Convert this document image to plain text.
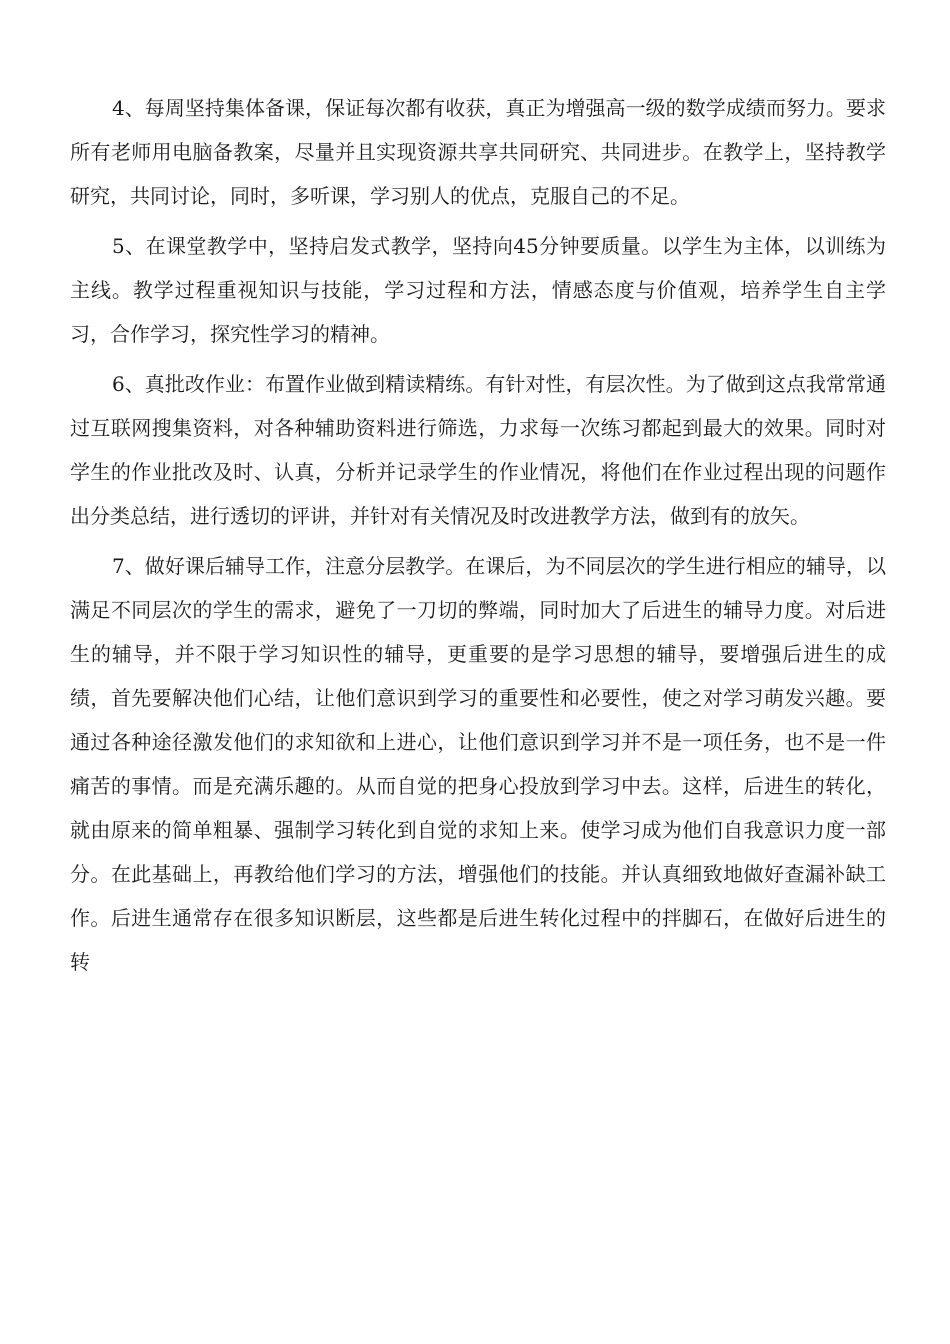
4、每周坚持集体备课，保证每次都有收获，真正为增强高一级的数学成绩而努力。要求所有老师用电脑备教案，尽量并且实现资源共享共同研究、共同进步。在教学上，坚持教学研究，共同讨论，同时，多听课，学习别人的优点，克服自己的不足。

5、在课堂教学中，坚持启发式教学，坚持向45分钟要质量。以学生为主体，以训练为主线。教学过程重视知识与技能，学习过程和方法，情感态度与价值观，培养学生自主学习，合作学习，探究性学习的精神。

6、真批改作业：布置作业做到精读精练。有针对性，有层次性。为了做到这点我常常通过互联网搜集资料，对各种辅助资料进行筛选，力求每一次练习都起到最大的效果。同时对学生的作业批改及时、认真，分析并记录学生的作业情况，将他们在作业过程出现的问题作出分类总结，进行透切的评讲，并针对有关情况及时改进教学方法，做到有的放矢。

7、做好课后辅导工作，注意分层教学。在课后，为不同层次的学生进行相应的辅导，以满足不同层次的学生的需求，避免了一刀切的弊端，同时加大了后进生的辅导力度。对后进生的辅导，并不限于学习知识性的辅导，更重要的是学习思想的辅导，要增强后进生的成绩，首先要解决他们心结，让他们意识到学习的重要性和必要性，使之对学习萌发兴趣。要通过各种途径激发他们的求知欲和上进心，让他们意识到学习并不是一项任务，也不是一件痛苦的事情。而是充满乐趣的。从而自觉的把身心投放到学习中去。这样，后进生的转化，就由原来的简单粗暴、强制学习转化到自觉的求知上来。使学习成为他们自我意识力度一部分。在此基础上，再教给他们学习的方法，增强他们的技能。并认真细致地做好查漏补缺工作。后进生通常存在很多知识断层，这些都是后进生转化过程中的拌脚石，在做好后进生的转
